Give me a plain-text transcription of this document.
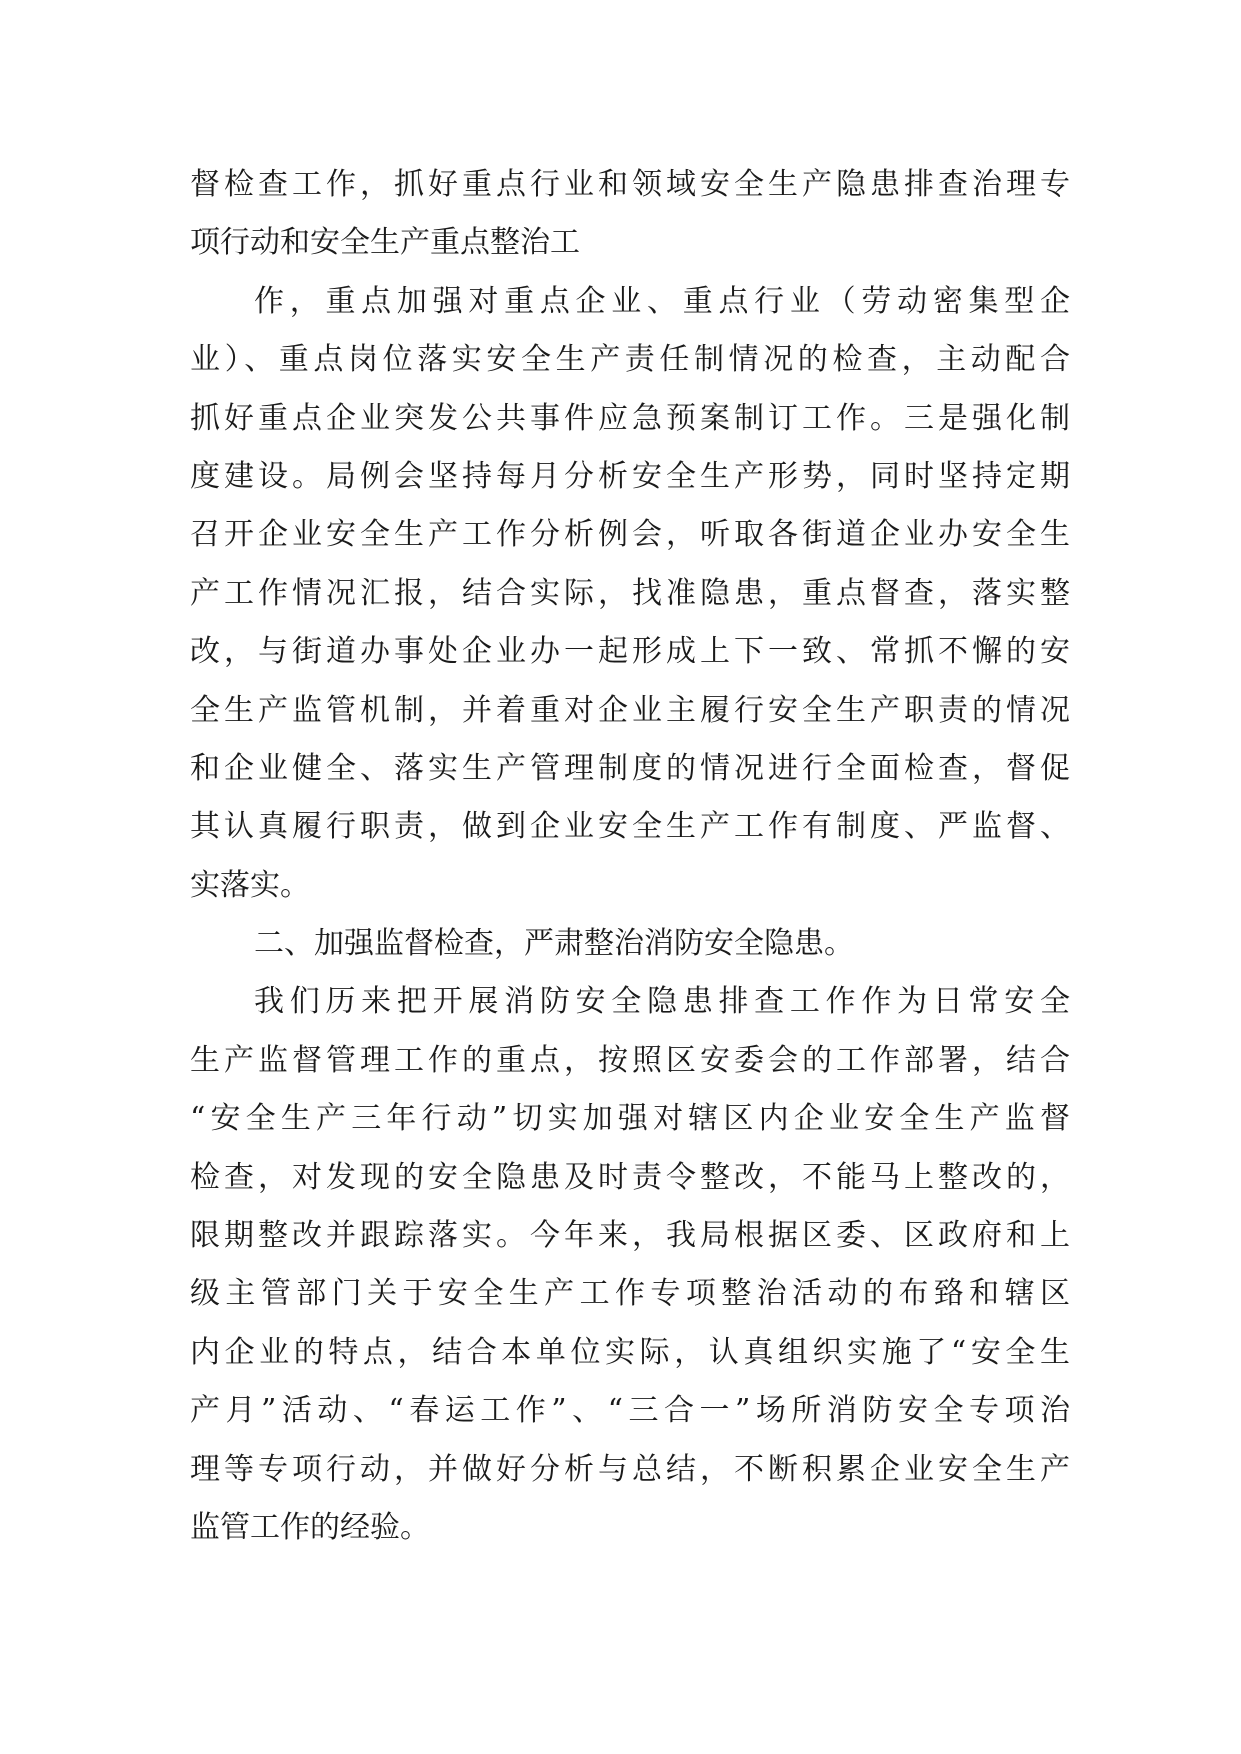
督检查工作，抓好重点行业和领域安全生产隐患排查治理专
项行动和安全生产重点整治工
作，重点加强对重点企业、重点行业（劳动密集型企
业）、重点岗位落实安全生产责任制情况的检查，主动配合
抓好重点企业突发公共事件应急预案制订工作。三是强化制
度建设。局例会坚持每月分析安全生产形势，同时坚持定期
召开企业安全生产工作分析例会，听取各街道企业办安全生
产工作情况汇报，结合实际，找准隐患，重点督查，落实整
改，与街道办事处企业办一起形成上下一致、常抓不懈的安
全生产监管机制，并着重对企业主履行安全生产职责的情况
和企业健全、落实生产管理制度的情况进行全面检查，督促
其认真履行职责，做到企业安全生产工作有制度、严监督、
实落实。
二、加强监督检查，严肃整治消防安全隐患。
我们历来把开展消防安全隐患排查工作作为日常安全
生产监督管理工作的重点，按照区安委会的工作部署，结合
“安全生产三年行动”切实加强对辖区内企业安全生产监督
检查，对发现的安全隐患及时责令整改，不能马上整改的，
限期整改并跟踪落实。今年来，我局根据区委、区政府和上
级主管部门关于安全生产工作专项整治活动的布臵和辖区
内企业的特点，结合本单位实际，认真组织实施了“安全生
产月”活动、“春运工作”、“三合一”场所消防安全专项治
理等专项行动，并做好分析与总结，不断积累企业安全生产
监管工作的经验。
